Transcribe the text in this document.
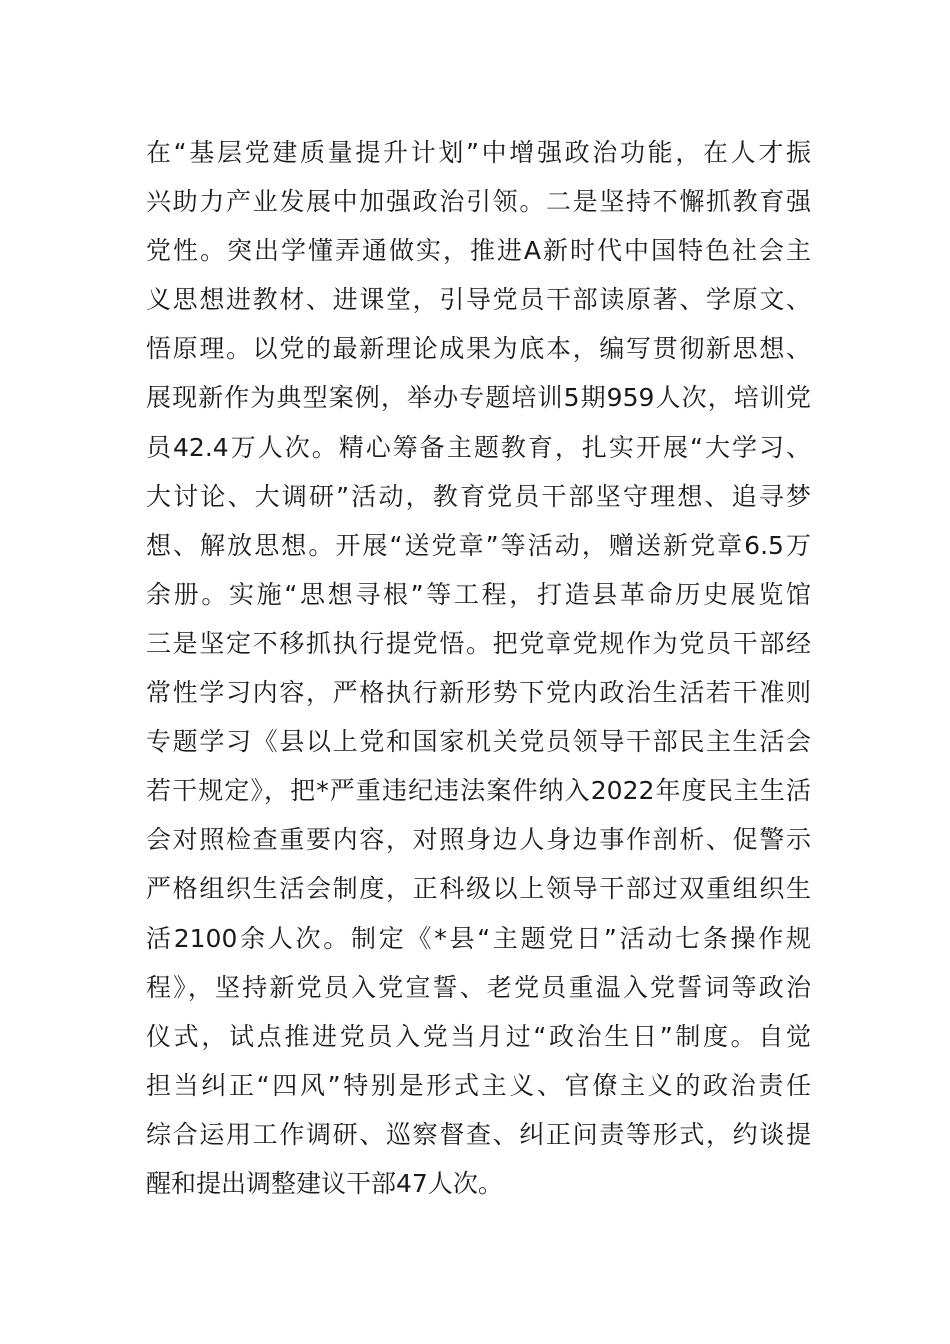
在“基层党建质量提升计划”中增强政治功能，在人才振
兴助力产业发展中加强政治引领。二是坚持不懈抓教育强
党性。突出学懂弄通做实，推进A新时代中国特色社会主
义思想进教材、进课堂，引导党员干部读原著、学原文、
悟原理。以党的最新理论成果为底本，编写贯彻新思想、
展现新作为典型案例，举办专题培训5期959人次，培训党
员42.4万人次。精心筹备主题教育，扎实开展“大学习、
大讨论、大调研”活动，教育党员干部坚守理想、追寻梦
想、解放思想。开展“送党章”等活动，赠送新党章6.5万
余册。实施“思想寻根”等工程，打造县革命历史展览馆
三是坚定不移抓执行提党悟。把党章党规作为党员干部经
常性学习内容，严格执行新形势下党内政治生活若干准则
专题学习《县以上党和国家机关党员领导干部民主生活会
若干规定》，把*严重违纪违法案件纳入2022年度民主生活
会对照检查重要内容，对照身边人身边事作剖析、促警示
严格组织生活会制度，正科级以上领导干部过双重组织生
活2100余人次。制定《*县“主题党日”活动七条操作规
程》，坚持新党员入党宣誓、老党员重温入党誓词等政治
仪式，试点推进党员入党当月过“政治生日”制度。自觉
担当纠正“四风”特别是形式主义、官僚主义的政治责任
综合运用工作调研、巡察督查、纠正问责等形式，约谈提
醒和提出调整建议干部47人次。
